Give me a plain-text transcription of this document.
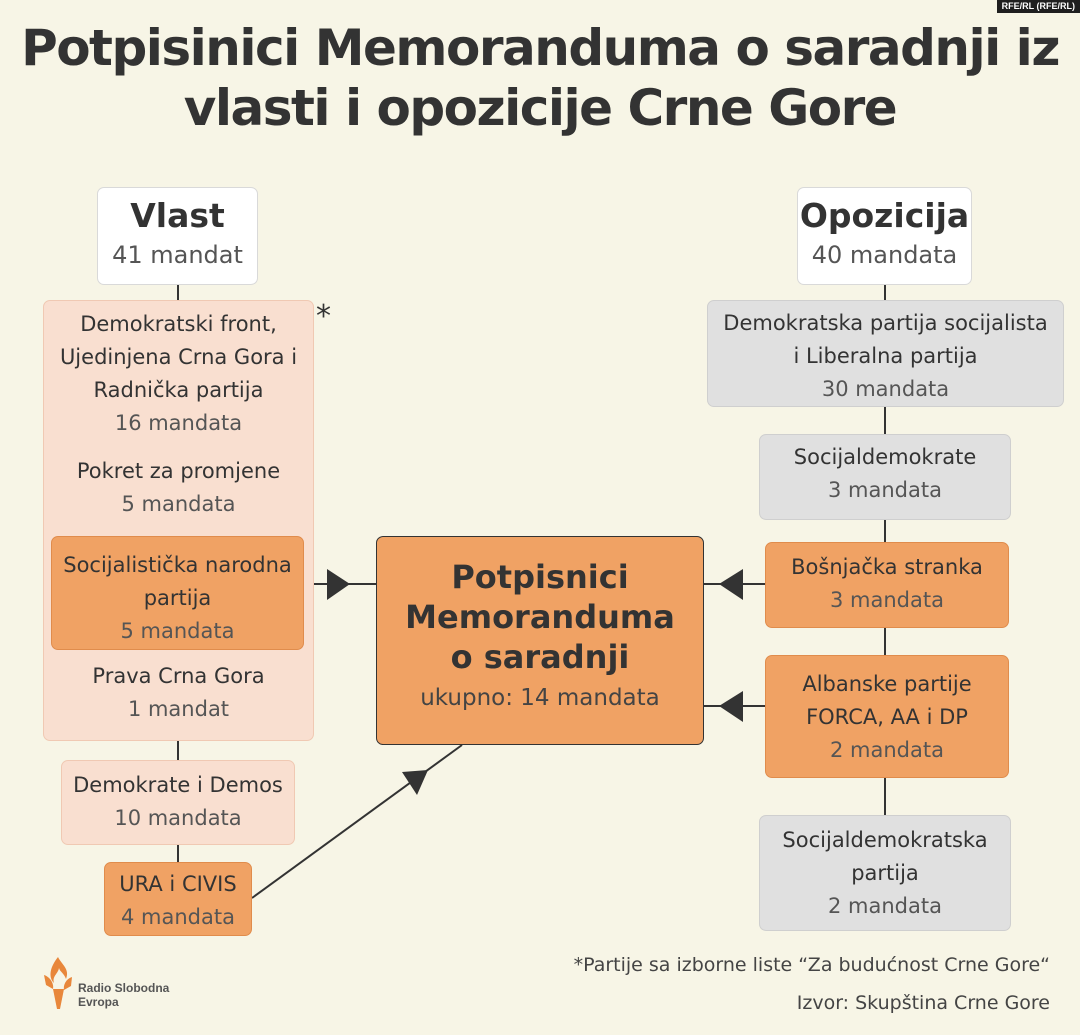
RFE/RL (RFE/RL)
Potpisinici Memoranduma o saradnji iz
vlasti i opozicije Crne Gore
Vlast
41 mandat
*
Demokratski front,
Ujedinjena Crna Gora i
Radnička partija
16 mandata
Pokret za promjene
5 mandata
Socijalistička narodna
partija
5 mandata
Prava Crna Gora
1 mandat
Demokrate i Demos
10 mandata
URA i CIVIS
4 mandata
Potpisnici
Memoranduma
o saradnji
ukupno: 14 mandata
Opozicija
40 mandata
Demokratska partija socijalista
i Liberalna partija
30 mandata
Socijaldemokrate
3 mandata
Bošnjačka stranka
3 mandata
Albanske partije
FORCA, AA i DP
2 mandata
Socijaldemokratska
partija
2 mandata
*Partije sa izborne liste “Za budućnost Crne Gore“
Izvor: Skupština Crne Gore
Radio Slobodna
Evropa
